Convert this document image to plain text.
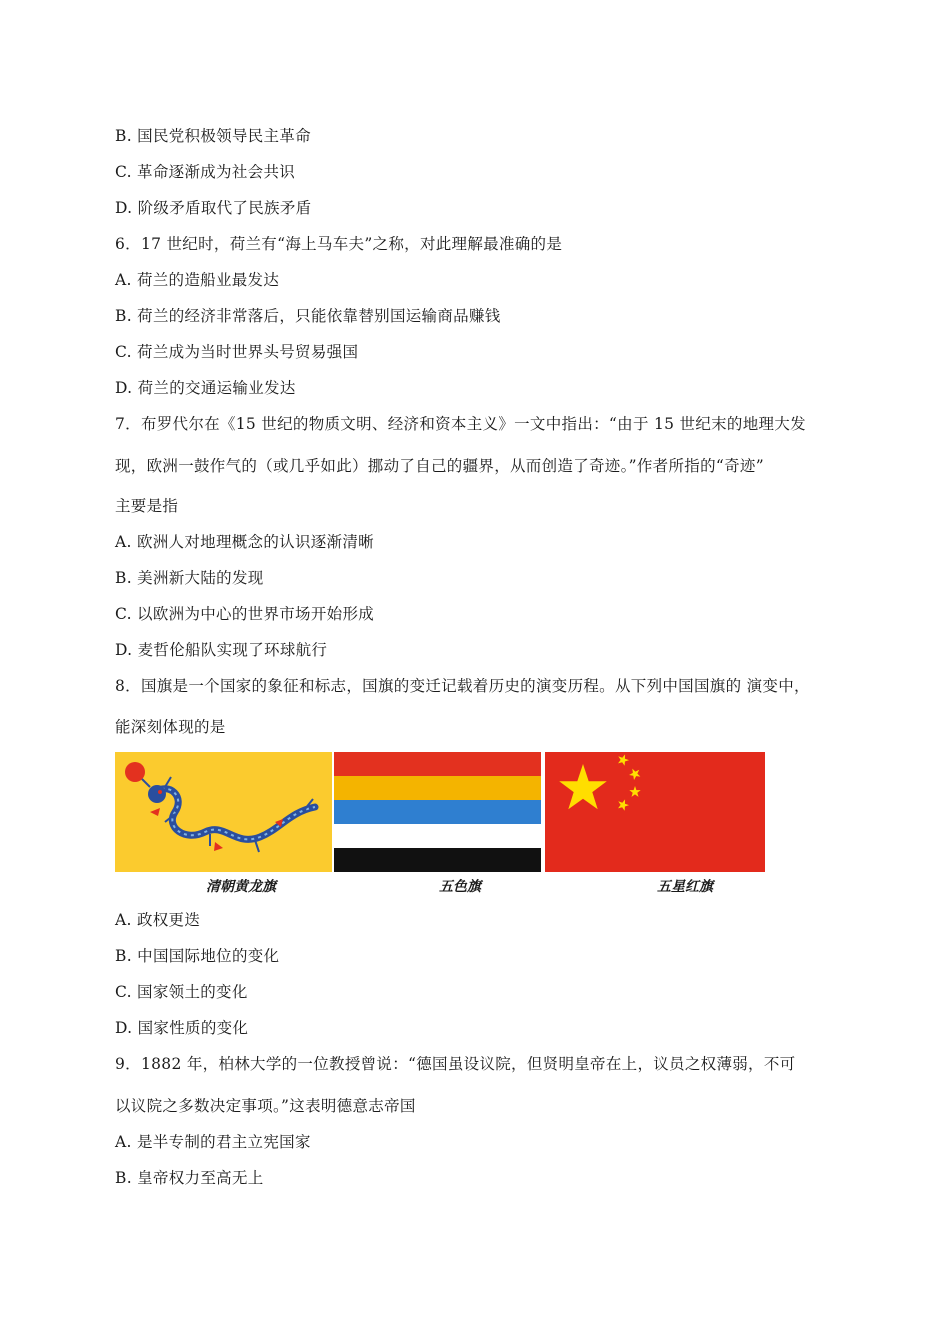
B. 国民党积极领导民主革命
C. 革命逐渐成为社会共识
D. 阶级矛盾取代了民族矛盾
6．17 世纪时，荷兰有“海上马车夫”之称，对此理解最准确的是
A. 荷兰的造船业最发达
B. 荷兰的经济非常落后，只能依靠替别国运输商品赚钱
C. 荷兰成为当时世界头号贸易强国
D. 荷兰的交通运输业发达
7．布罗代尔在《15 世纪的物质文明、经济和资本主义》一文中指出：“由于 15 世纪末的地理大发
现，欧洲一鼓作气的（或几乎如此）挪动了自己的疆界，从而创造了奇迹。”作者所指的“奇迹”
主要是指
A. 欧洲人对地理概念的认识逐渐清晰
B. 美洲新大陆的发现
C. 以欧洲为中心的世界市场开始形成
D. 麦哲伦船队实现了环球航行
8．国旗是一个国家的象征和标志，国旗的变迁记载着历史的演变历程。从下列中国国旗的 演变中，
能深刻体现的是
清朝黄龙旗	五色旗	五星红旗
A. 政权更迭
B. 中国国际地位的变化
C. 国家领土的变化
D. 国家性质的变化
9．1882 年，柏林大学的一位教授曾说：“德国虽设议院，但贤明皇帝在上，议员之权薄弱，不可
以议院之多数决定事项。”这表明德意志帝国
A. 是半专制的君主立宪国家
B. 皇帝权力至高无上
